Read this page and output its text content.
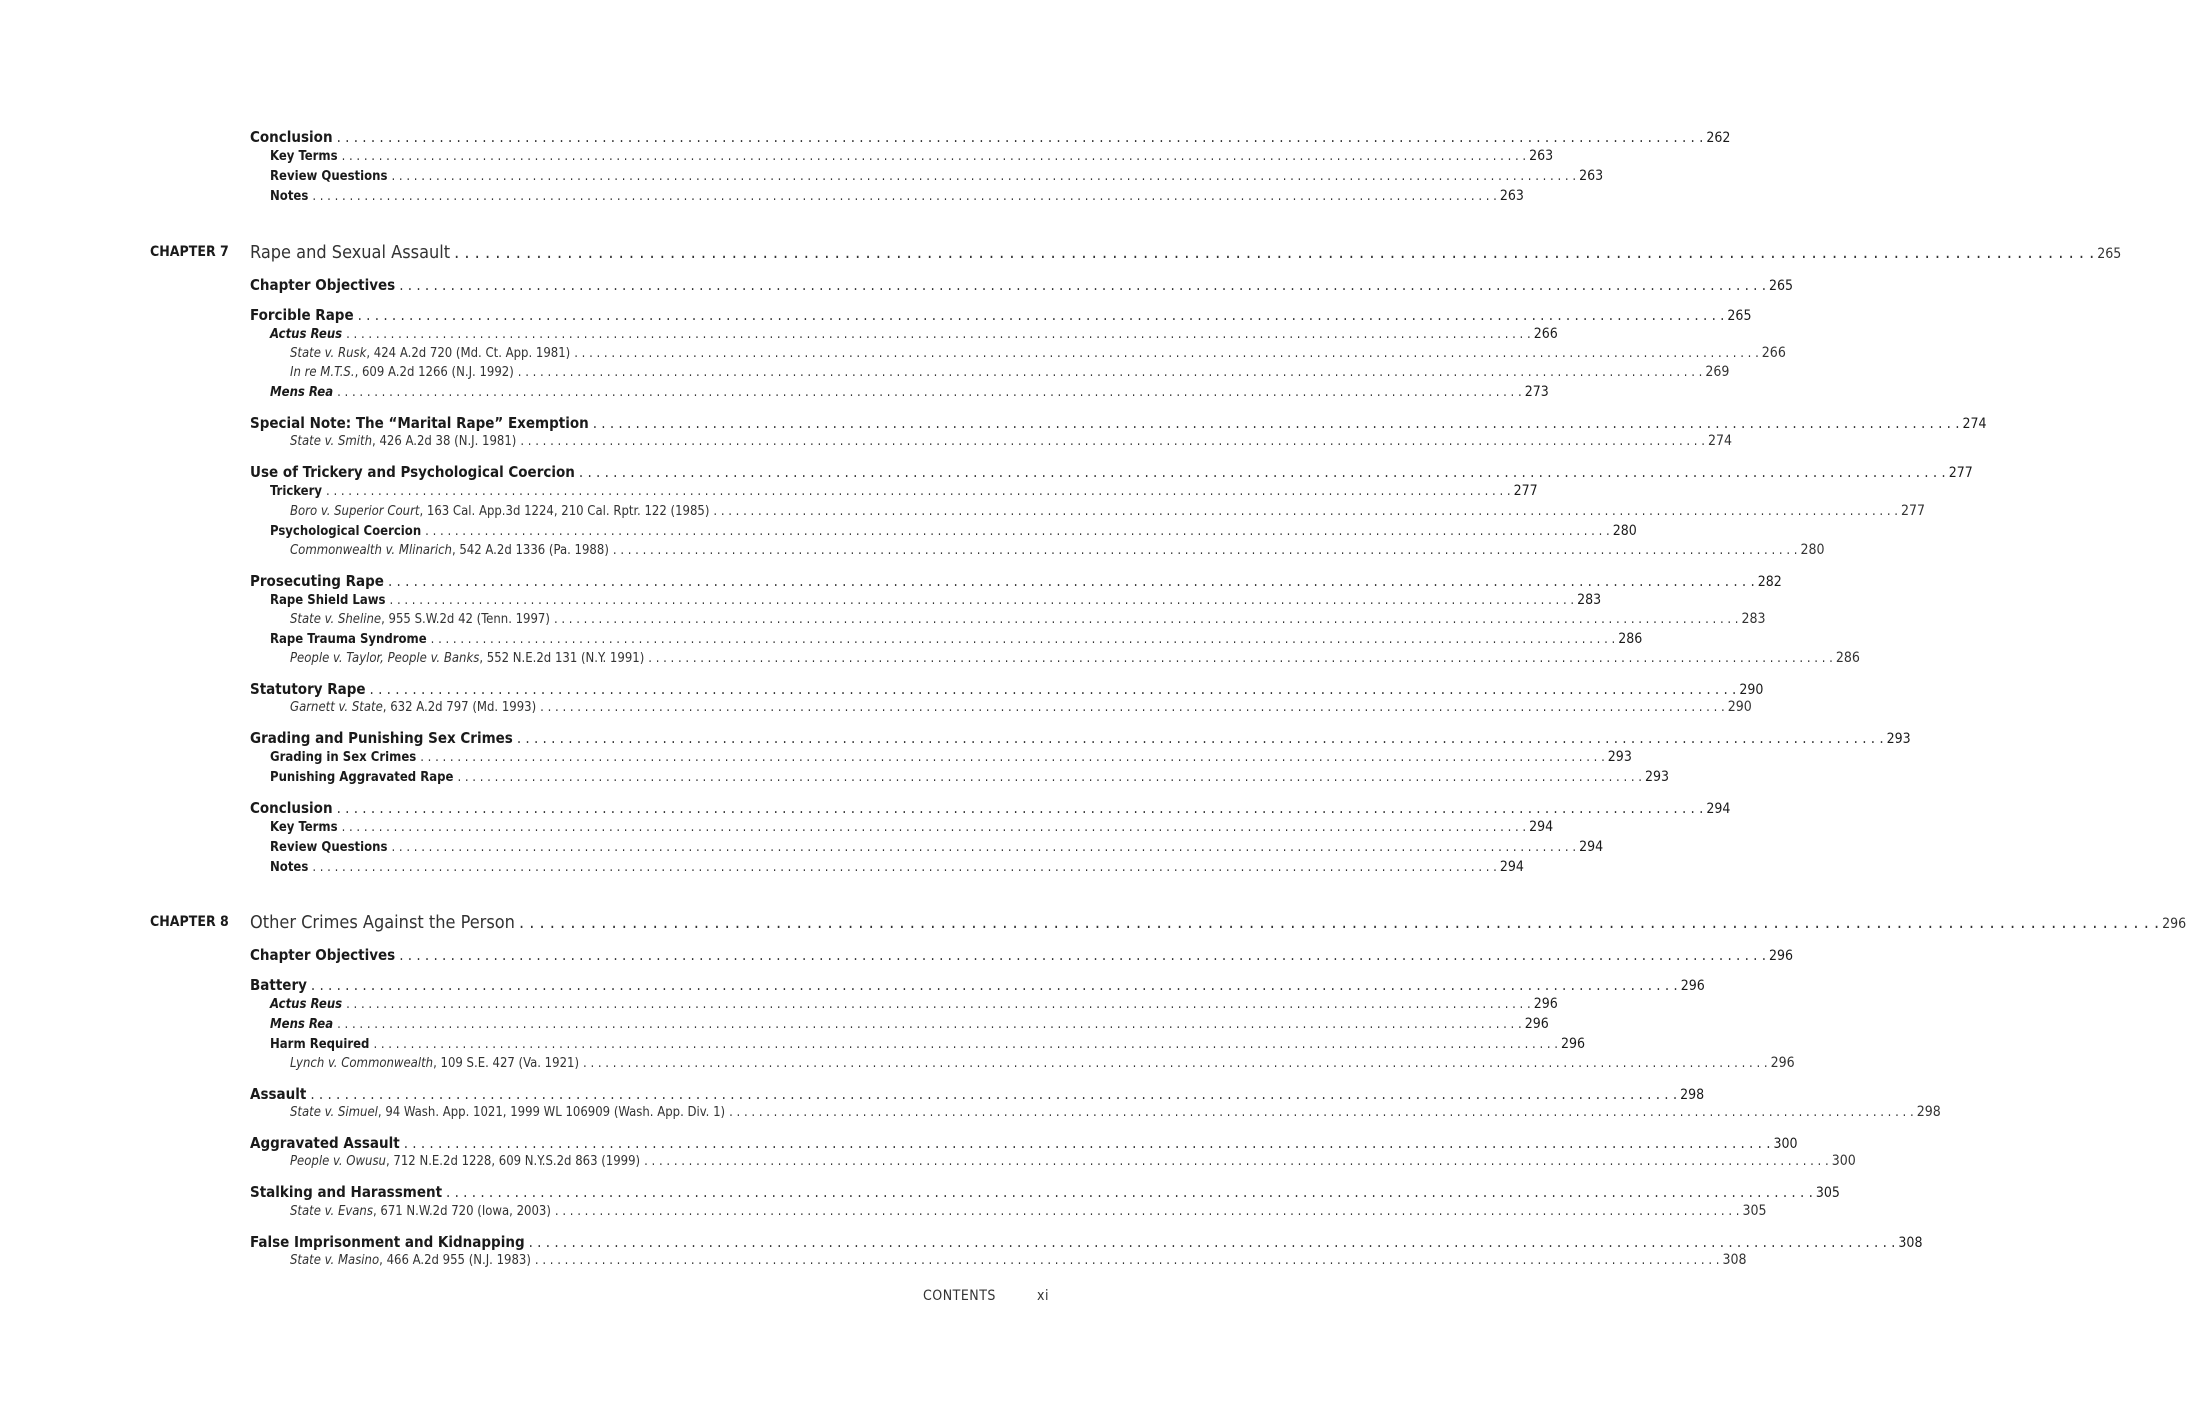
Conclusion . . . . . . . . . . . . . . . . . . . . . . . . . . . . . . . . . . . . . . . . . . . . . . . . . . . . . . . . . . . . . . . . . . . . . . . . . . . . . . . . . . . . . . . . . . . . . . . . . . . . . . . . . . . . . . . . . . . . . . . . . . . . . . . . . . . . . . . . . . . . . . . . . . . . . . . . . . . . . . . . 262
Key Terms . . . . . . . . . . . . . . . . . . . . . . . . . . . . . . . . . . . . . . . . . . . . . . . . . . . . . . . . . . . . . . . . . . . . . . . . . . . . . . . . . . . . . . . . . . . . . . . . . . . . . . . . . . . . . . . . . . . . . . . . . . . . . . . . . . . . . . . . . . . . . . . . . . . . . . . . . . . . . . . . 263
Review Questions . . . . . . . . . . . . . . . . . . . . . . . . . . . . . . . . . . . . . . . . . . . . . . . . . . . . . . . . . . . . . . . . . . . . . . . . . . . . . . . . . . . . . . . . . . . . . . . . . . . . . . . . . . . . . . . . . . . . . . . . . . . . . . . . . . . . . . . . . . . . . . . . . . . . . . . . . . . . . . . . 263
Notes . . . . . . . . . . . . . . . . . . . . . . . . . . . . . . . . . . . . . . . . . . . . . . . . . . . . . . . . . . . . . . . . . . . . . . . . . . . . . . . . . . . . . . . . . . . . . . . . . . . . . . . . . . . . . . . . . . . . . . . . . . . . . . . . . . . . . . . . . . . . . . . . . . . . . . . . . . . . . . . . 263
CHAPTER 7 Rape and Sexual Assault . . . . . . . . . . . . . . . . . . . . . . . . . . . . . . . . . . . . . . . . . . . . . . . . . . . . . . . . . . . . . . . . . . . . . . . . . . . . . . . . . . . . . . . . . . . . . . . . . . . . . . . . . . . . . . . . . . . . . . . . . . . . . . . . . . . . . . . . . . . . . . . . . . . . . . . . . . . . . . . . 265
Chapter Objectives . . . . . . . . . . . . . . . . . . . . . . . . . . . . . . . . . . . . . . . . . . . . . . . . . . . . . . . . . . . . . . . . . . . . . . . . . . . . . . . . . . . . . . . . . . . . . . . . . . . . . . . . . . . . . . . . . . . . . . . . . . . . . . . . . . . . . . . . . . . . . . . . . . . . . . . . . . . . . . . . 265
Forcible Rape . . . . . . . . . . . . . . . . . . . . . . . . . . . . . . . . . . . . . . . . . . . . . . . . . . . . . . . . . . . . . . . . . . . . . . . . . . . . . . . . . . . . . . . . . . . . . . . . . . . . . . . . . . . . . . . . . . . . . . . . . . . . . . . . . . . . . . . . . . . . . . . . . . . . . . . . . . . . . . . . 265
Actus Reus . . . . . . . . . . . . . . . . . . . . . . . . . . . . . . . . . . . . . . . . . . . . . . . . . . . . . . . . . . . . . . . . . . . . . . . . . . . . . . . . . . . . . . . . . . . . . . . . . . . . . . . . . . . . . . . . . . . . . . . . . . . . . . . . . . . . . . . . . . . . . . . . . . . . . . . . . . . . . . . . 266
State v. Rusk, 424 A.2d 720 (Md. Ct. App. 1981) . . . . . . . . . . . . . . . . . . . . . . . . . . . . . . . . . . . . . . . . . . . . . . . . . . . . . . . . . . . . . . . . . . . . . . . . . . . . . . . . . . . . . . . . . . . . . . . . . . . . . . . . . . . . . . . . . . . . . . . . . . . . . . . . . . . . . . . . . . . . . . . . . . . . . . . . . . . . . . . . 266
In re M.T.S., 609 A.2d 1266 (N.J. 1992) . . . . . . . . . . . . . . . . . . . . . . . . . . . . . . . . . . . . . . . . . . . . . . . . . . . . . . . . . . . . . . . . . . . . . . . . . . . . . . . . . . . . . . . . . . . . . . . . . . . . . . . . . . . . . . . . . . . . . . . . . . . . . . . . . . . . . . . . . . . . . . . . . . . . . . . . . . . . . . . . 269
Mens Rea . . . . . . . . . . . . . . . . . . . . . . . . . . . . . . . . . . . . . . . . . . . . . . . . . . . . . . . . . . . . . . . . . . . . . . . . . . . . . . . . . . . . . . . . . . . . . . . . . . . . . . . . . . . . . . . . . . . . . . . . . . . . . . . . . . . . . . . . . . . . . . . . . . . . . . . . . . . . . . . . 273
Special Note: The “Marital Rape” Exemption . . . . . . . . . . . . . . . . . . . . . . . . . . . . . . . . . . . . . . . . . . . . . . . . . . . . . . . . . . . . . . . . . . . . . . . . . . . . . . . . . . . . . . . . . . . . . . . . . . . . . . . . . . . . . . . . . . . . . . . . . . . . . . . . . . . . . . . . . . . . . . . . . . . . . . . . . . . . . . . . 274
State v. Smith, 426 A.2d 38 (N.J. 1981) . . . . . . . . . . . . . . . . . . . . . . . . . . . . . . . . . . . . . . . . . . . . . . . . . . . . . . . . . . . . . . . . . . . . . . . . . . . . . . . . . . . . . . . . . . . . . . . . . . . . . . . . . . . . . . . . . . . . . . . . . . . . . . . . . . . . . . . . . . . . . . . . . . . . . . . . . . . . . . . . 274
Use of Trickery and Psychological Coercion . . . . . . . . . . . . . . . . . . . . . . . . . . . . . . . . . . . . . . . . . . . . . . . . . . . . . . . . . . . . . . . . . . . . . . . . . . . . . . . . . . . . . . . . . . . . . . . . . . . . . . . . . . . . . . . . . . . . . . . . . . . . . . . . . . . . . . . . . . . . . . . . . . . . . . . . . . . . . . . . 277
Trickery . . . . . . . . . . . . . . . . . . . . . . . . . . . . . . . . . . . . . . . . . . . . . . . . . . . . . . . . . . . . . . . . . . . . . . . . . . . . . . . . . . . . . . . . . . . . . . . . . . . . . . . . . . . . . . . . . . . . . . . . . . . . . . . . . . . . . . . . . . . . . . . . . . . . . . . . . . . . . . . . 277
Boro v. Superior Court, 163 Cal. App.3d 1224, 210 Cal. Rptr. 122 (1985) . . . . . . . . . . . . . . . . . . . . . . . . . . . . . . . . . . . . . . . . . . . . . . . . . . . . . . . . . . . . . . . . . . . . . . . . . . . . . . . . . . . . . . . . . . . . . . . . . . . . . . . . . . . . . . . . . . . . . . . . . . . . . . . . . . . . . . . . . . . . . . . . . . . . . . . . . . . . . . . . 277
Psychological Coercion . . . . . . . . . . . . . . . . . . . . . . . . . . . . . . . . . . . . . . . . . . . . . . . . . . . . . . . . . . . . . . . . . . . . . . . . . . . . . . . . . . . . . . . . . . . . . . . . . . . . . . . . . . . . . . . . . . . . . . . . . . . . . . . . . . . . . . . . . . . . . . . . . . . . . . . . . . . . . . . . 280
Commonwealth v. Mlinarich, 542 A.2d 1336 (Pa. 1988) . . . . . . . . . . . . . . . . . . . . . . . . . . . . . . . . . . . . . . . . . . . . . . . . . . . . . . . . . . . . . . . . . . . . . . . . . . . . . . . . . . . . . . . . . . . . . . . . . . . . . . . . . . . . . . . . . . . . . . . . . . . . . . . . . . . . . . . . . . . . . . . . . . . . . . . . . . . . . . . . 280
Prosecuting Rape . . . . . . . . . . . . . . . . . . . . . . . . . . . . . . . . . . . . . . . . . . . . . . . . . . . . . . . . . . . . . . . . . . . . . . . . . . . . . . . . . . . . . . . . . . . . . . . . . . . . . . . . . . . . . . . . . . . . . . . . . . . . . . . . . . . . . . . . . . . . . . . . . . . . . . . . . . . . . . . . 282
Rape Shield Laws . . . . . . . . . . . . . . . . . . . . . . . . . . . . . . . . . . . . . . . . . . . . . . . . . . . . . . . . . . . . . . . . . . . . . . . . . . . . . . . . . . . . . . . . . . . . . . . . . . . . . . . . . . . . . . . . . . . . . . . . . . . . . . . . . . . . . . . . . . . . . . . . . . . . . . . . . . . . . . . . 283
State v. Sheline, 955 S.W.2d 42 (Tenn. 1997) . . . . . . . . . . . . . . . . . . . . . . . . . . . . . . . . . . . . . . . . . . . . . . . . . . . . . . . . . . . . . . . . . . . . . . . . . . . . . . . . . . . . . . . . . . . . . . . . . . . . . . . . . . . . . . . . . . . . . . . . . . . . . . . . . . . . . . . . . . . . . . . . . . . . . . . . . . . . . . . . 283
Rape Trauma Syndrome . . . . . . . . . . . . . . . . . . . . . . . . . . . . . . . . . . . . . . . . . . . . . . . . . . . . . . . . . . . . . . . . . . . . . . . . . . . . . . . . . . . . . . . . . . . . . . . . . . . . . . . . . . . . . . . . . . . . . . . . . . . . . . . . . . . . . . . . . . . . . . . . . . . . . . . . . . . . . . . . 286
People v. Taylor, People v. Banks, 552 N.E.2d 131 (N.Y. 1991) . . . . . . . . . . . . . . . . . . . . . . . . . . . . . . . . . . . . . . . . . . . . . . . . . . . . . . . . . . . . . . . . . . . . . . . . . . . . . . . . . . . . . . . . . . . . . . . . . . . . . . . . . . . . . . . . . . . . . . . . . . . . . . . . . . . . . . . . . . . . . . . . . . . . . . . . . . . . . . . . 286
Statutory Rape . . . . . . . . . . . . . . . . . . . . . . . . . . . . . . . . . . . . . . . . . . . . . . . . . . . . . . . . . . . . . . . . . . . . . . . . . . . . . . . . . . . . . . . . . . . . . . . . . . . . . . . . . . . . . . . . . . . . . . . . . . . . . . . . . . . . . . . . . . . . . . . . . . . . . . . . . . . . . . . . 290
Garnett v. State, 632 A.2d 797 (Md. 1993) . . . . . . . . . . . . . . . . . . . . . . . . . . . . . . . . . . . . . . . . . . . . . . . . . . . . . . . . . . . . . . . . . . . . . . . . . . . . . . . . . . . . . . . . . . . . . . . . . . . . . . . . . . . . . . . . . . . . . . . . . . . . . . . . . . . . . . . . . . . . . . . . . . . . . . . . . . . . . . . . 290
Grading and Punishing Sex Crimes . . . . . . . . . . . . . . . . . . . . . . . . . . . . . . . . . . . . . . . . . . . . . . . . . . . . . . . . . . . . . . . . . . . . . . . . . . . . . . . . . . . . . . . . . . . . . . . . . . . . . . . . . . . . . . . . . . . . . . . . . . . . . . . . . . . . . . . . . . . . . . . . . . . . . . . . . . . . . . . . 293
Grading in Sex Crimes . . . . . . . . . . . . . . . . . . . . . . . . . . . . . . . . . . . . . . . . . . . . . . . . . . . . . . . . . . . . . . . . . . . . . . . . . . . . . . . . . . . . . . . . . . . . . . . . . . . . . . . . . . . . . . . . . . . . . . . . . . . . . . . . . . . . . . . . . . . . . . . . . . . . . . . . . . . . . . . . 293
Punishing Aggravated Rape . . . . . . . . . . . . . . . . . . . . . . . . . . . . . . . . . . . . . . . . . . . . . . . . . . . . . . . . . . . . . . . . . . . . . . . . . . . . . . . . . . . . . . . . . . . . . . . . . . . . . . . . . . . . . . . . . . . . . . . . . . . . . . . . . . . . . . . . . . . . . . . . . . . . . . . . . . . . . . . . 293
Conclusion . . . . . . . . . . . . . . . . . . . . . . . . . . . . . . . . . . . . . . . . . . . . . . . . . . . . . . . . . . . . . . . . . . . . . . . . . . . . . . . . . . . . . . . . . . . . . . . . . . . . . . . . . . . . . . . . . . . . . . . . . . . . . . . . . . . . . . . . . . . . . . . . . . . . . . . . . . . . . . . . 294
Key Terms . . . . . . . . . . . . . . . . . . . . . . . . . . . . . . . . . . . . . . . . . . . . . . . . . . . . . . . . . . . . . . . . . . . . . . . . . . . . . . . . . . . . . . . . . . . . . . . . . . . . . . . . . . . . . . . . . . . . . . . . . . . . . . . . . . . . . . . . . . . . . . . . . . . . . . . . . . . . . . . . 294
Review Questions . . . . . . . . . . . . . . . . . . . . . . . . . . . . . . . . . . . . . . . . . . . . . . . . . . . . . . . . . . . . . . . . . . . . . . . . . . . . . . . . . . . . . . . . . . . . . . . . . . . . . . . . . . . . . . . . . . . . . . . . . . . . . . . . . . . . . . . . . . . . . . . . . . . . . . . . . . . . . . . . 294
Notes . . . . . . . . . . . . . . . . . . . . . . . . . . . . . . . . . . . . . . . . . . . . . . . . . . . . . . . . . . . . . . . . . . . . . . . . . . . . . . . . . . . . . . . . . . . . . . . . . . . . . . . . . . . . . . . . . . . . . . . . . . . . . . . . . . . . . . . . . . . . . . . . . . . . . . . . . . . . . . . . 294
CHAPTER 8 Other Crimes Against the Person . . . . . . . . . . . . . . . . . . . . . . . . . . . . . . . . . . . . . . . . . . . . . . . . . . . . . . . . . . . . . . . . . . . . . . . . . . . . . . . . . . . . . . . . . . . . . . . . . . . . . . . . . . . . . . . . . . . . . . . . . . . . . . . . . . . . . . . . . . . . . . . . . . . . . . . . . . . . . . . . 296
Chapter Objectives . . . . . . . . . . . . . . . . . . . . . . . . . . . . . . . . . . . . . . . . . . . . . . . . . . . . . . . . . . . . . . . . . . . . . . . . . . . . . . . . . . . . . . . . . . . . . . . . . . . . . . . . . . . . . . . . . . . . . . . . . . . . . . . . . . . . . . . . . . . . . . . . . . . . . . . . . . . . . . . . 296
Battery . . . . . . . . . . . . . . . . . . . . . . . . . . . . . . . . . . . . . . . . . . . . . . . . . . . . . . . . . . . . . . . . . . . . . . . . . . . . . . . . . . . . . . . . . . . . . . . . . . . . . . . . . . . . . . . . . . . . . . . . . . . . . . . . . . . . . . . . . . . . . . . . . . . . . . . . . . . . . . . . 296
Actus Reus . . . . . . . . . . . . . . . . . . . . . . . . . . . . . . . . . . . . . . . . . . . . . . . . . . . . . . . . . . . . . . . . . . . . . . . . . . . . . . . . . . . . . . . . . . . . . . . . . . . . . . . . . . . . . . . . . . . . . . . . . . . . . . . . . . . . . . . . . . . . . . . . . . . . . . . . . . . . . . . . 296
Mens Rea . . . . . . . . . . . . . . . . . . . . . . . . . . . . . . . . . . . . . . . . . . . . . . . . . . . . . . . . . . . . . . . . . . . . . . . . . . . . . . . . . . . . . . . . . . . . . . . . . . . . . . . . . . . . . . . . . . . . . . . . . . . . . . . . . . . . . . . . . . . . . . . . . . . . . . . . . . . . . . . . 296
Harm Required . . . . . . . . . . . . . . . . . . . . . . . . . . . . . . . . . . . . . . . . . . . . . . . . . . . . . . . . . . . . . . . . . . . . . . . . . . . . . . . . . . . . . . . . . . . . . . . . . . . . . . . . . . . . . . . . . . . . . . . . . . . . . . . . . . . . . . . . . . . . . . . . . . . . . . . . . . . . . . . . 296
Lynch v. Commonwealth, 109 S.E. 427 (Va. 1921) . . . . . . . . . . . . . . . . . . . . . . . . . . . . . . . . . . . . . . . . . . . . . . . . . . . . . . . . . . . . . . . . . . . . . . . . . . . . . . . . . . . . . . . . . . . . . . . . . . . . . . . . . . . . . . . . . . . . . . . . . . . . . . . . . . . . . . . . . . . . . . . . . . . . . . . . . . . . . . . . 296
Assault . . . . . . . . . . . . . . . . . . . . . . . . . . . . . . . . . . . . . . . . . . . . . . . . . . . . . . . . . . . . . . . . . . . . . . . . . . . . . . . . . . . . . . . . . . . . . . . . . . . . . . . . . . . . . . . . . . . . . . . . . . . . . . . . . . . . . . . . . . . . . . . . . . . . . . . . . . . . . . . . 298
State v. Simuel, 94 Wash. App. 1021, 1999 WL 106909 (Wash. App. Div. 1) . . . . . . . . . . . . . . . . . . . . . . . . . . . . . . . . . . . . . . . . . . . . . . . . . . . . . . . . . . . . . . . . . . . . . . . . . . . . . . . . . . . . . . . . . . . . . . . . . . . . . . . . . . . . . . . . . . . . . . . . . . . . . . . . . . . . . . . . . . . . . . . . . . . . . . . . . . . . . . . . 298
Aggravated Assault . . . . . . . . . . . . . . . . . . . . . . . . . . . . . . . . . . . . . . . . . . . . . . . . . . . . . . . . . . . . . . . . . . . . . . . . . . . . . . . . . . . . . . . . . . . . . . . . . . . . . . . . . . . . . . . . . . . . . . . . . . . . . . . . . . . . . . . . . . . . . . . . . . . . . . . . . . . . . . . . 300
People v. Owusu, 712 N.E.2d 1228, 609 N.Y.S.2d 863 (1999) . . . . . . . . . . . . . . . . . . . . . . . . . . . . . . . . . . . . . . . . . . . . . . . . . . . . . . . . . . . . . . . . . . . . . . . . . . . . . . . . . . . . . . . . . . . . . . . . . . . . . . . . . . . . . . . . . . . . . . . . . . . . . . . . . . . . . . . . . . . . . . . . . . . . . . . . . . . . . . . . 300
Stalking and Harassment . . . . . . . . . . . . . . . . . . . . . . . . . . . . . . . . . . . . . . . . . . . . . . . . . . . . . . . . . . . . . . . . . . . . . . . . . . . . . . . . . . . . . . . . . . . . . . . . . . . . . . . . . . . . . . . . . . . . . . . . . . . . . . . . . . . . . . . . . . . . . . . . . . . . . . . . . . . . . . . . 305
State v. Evans, 671 N.W.2d 720 (Iowa, 2003) . . . . . . . . . . . . . . . . . . . . . . . . . . . . . . . . . . . . . . . . . . . . . . . . . . . . . . . . . . . . . . . . . . . . . . . . . . . . . . . . . . . . . . . . . . . . . . . . . . . . . . . . . . . . . . . . . . . . . . . . . . . . . . . . . . . . . . . . . . . . . . . . . . . . . . . . . . . . . . . . 305
False Imprisonment and Kidnapping . . . . . . . . . . . . . . . . . . . . . . . . . . . . . . . . . . . . . . . . . . . . . . . . . . . . . . . . . . . . . . . . . . . . . . . . . . . . . . . . . . . . . . . . . . . . . . . . . . . . . . . . . . . . . . . . . . . . . . . . . . . . . . . . . . . . . . . . . . . . . . . . . . . . . . . . . . . . . . . . 308
State v. Masino, 466 A.2d 955 (N.J. 1983) . . . . . . . . . . . . . . . . . . . . . . . . . . . . . . . . . . . . . . . . . . . . . . . . . . . . . . . . . . . . . . . . . . . . . . . . . . . . . . . . . . . . . . . . . . . . . . . . . . . . . . . . . . . . . . . . . . . . . . . . . . . . . . . . . . . . . . . . . . . . . . . . . . . . . . . . . . . . . . . . 308
CONTENTS	xi
